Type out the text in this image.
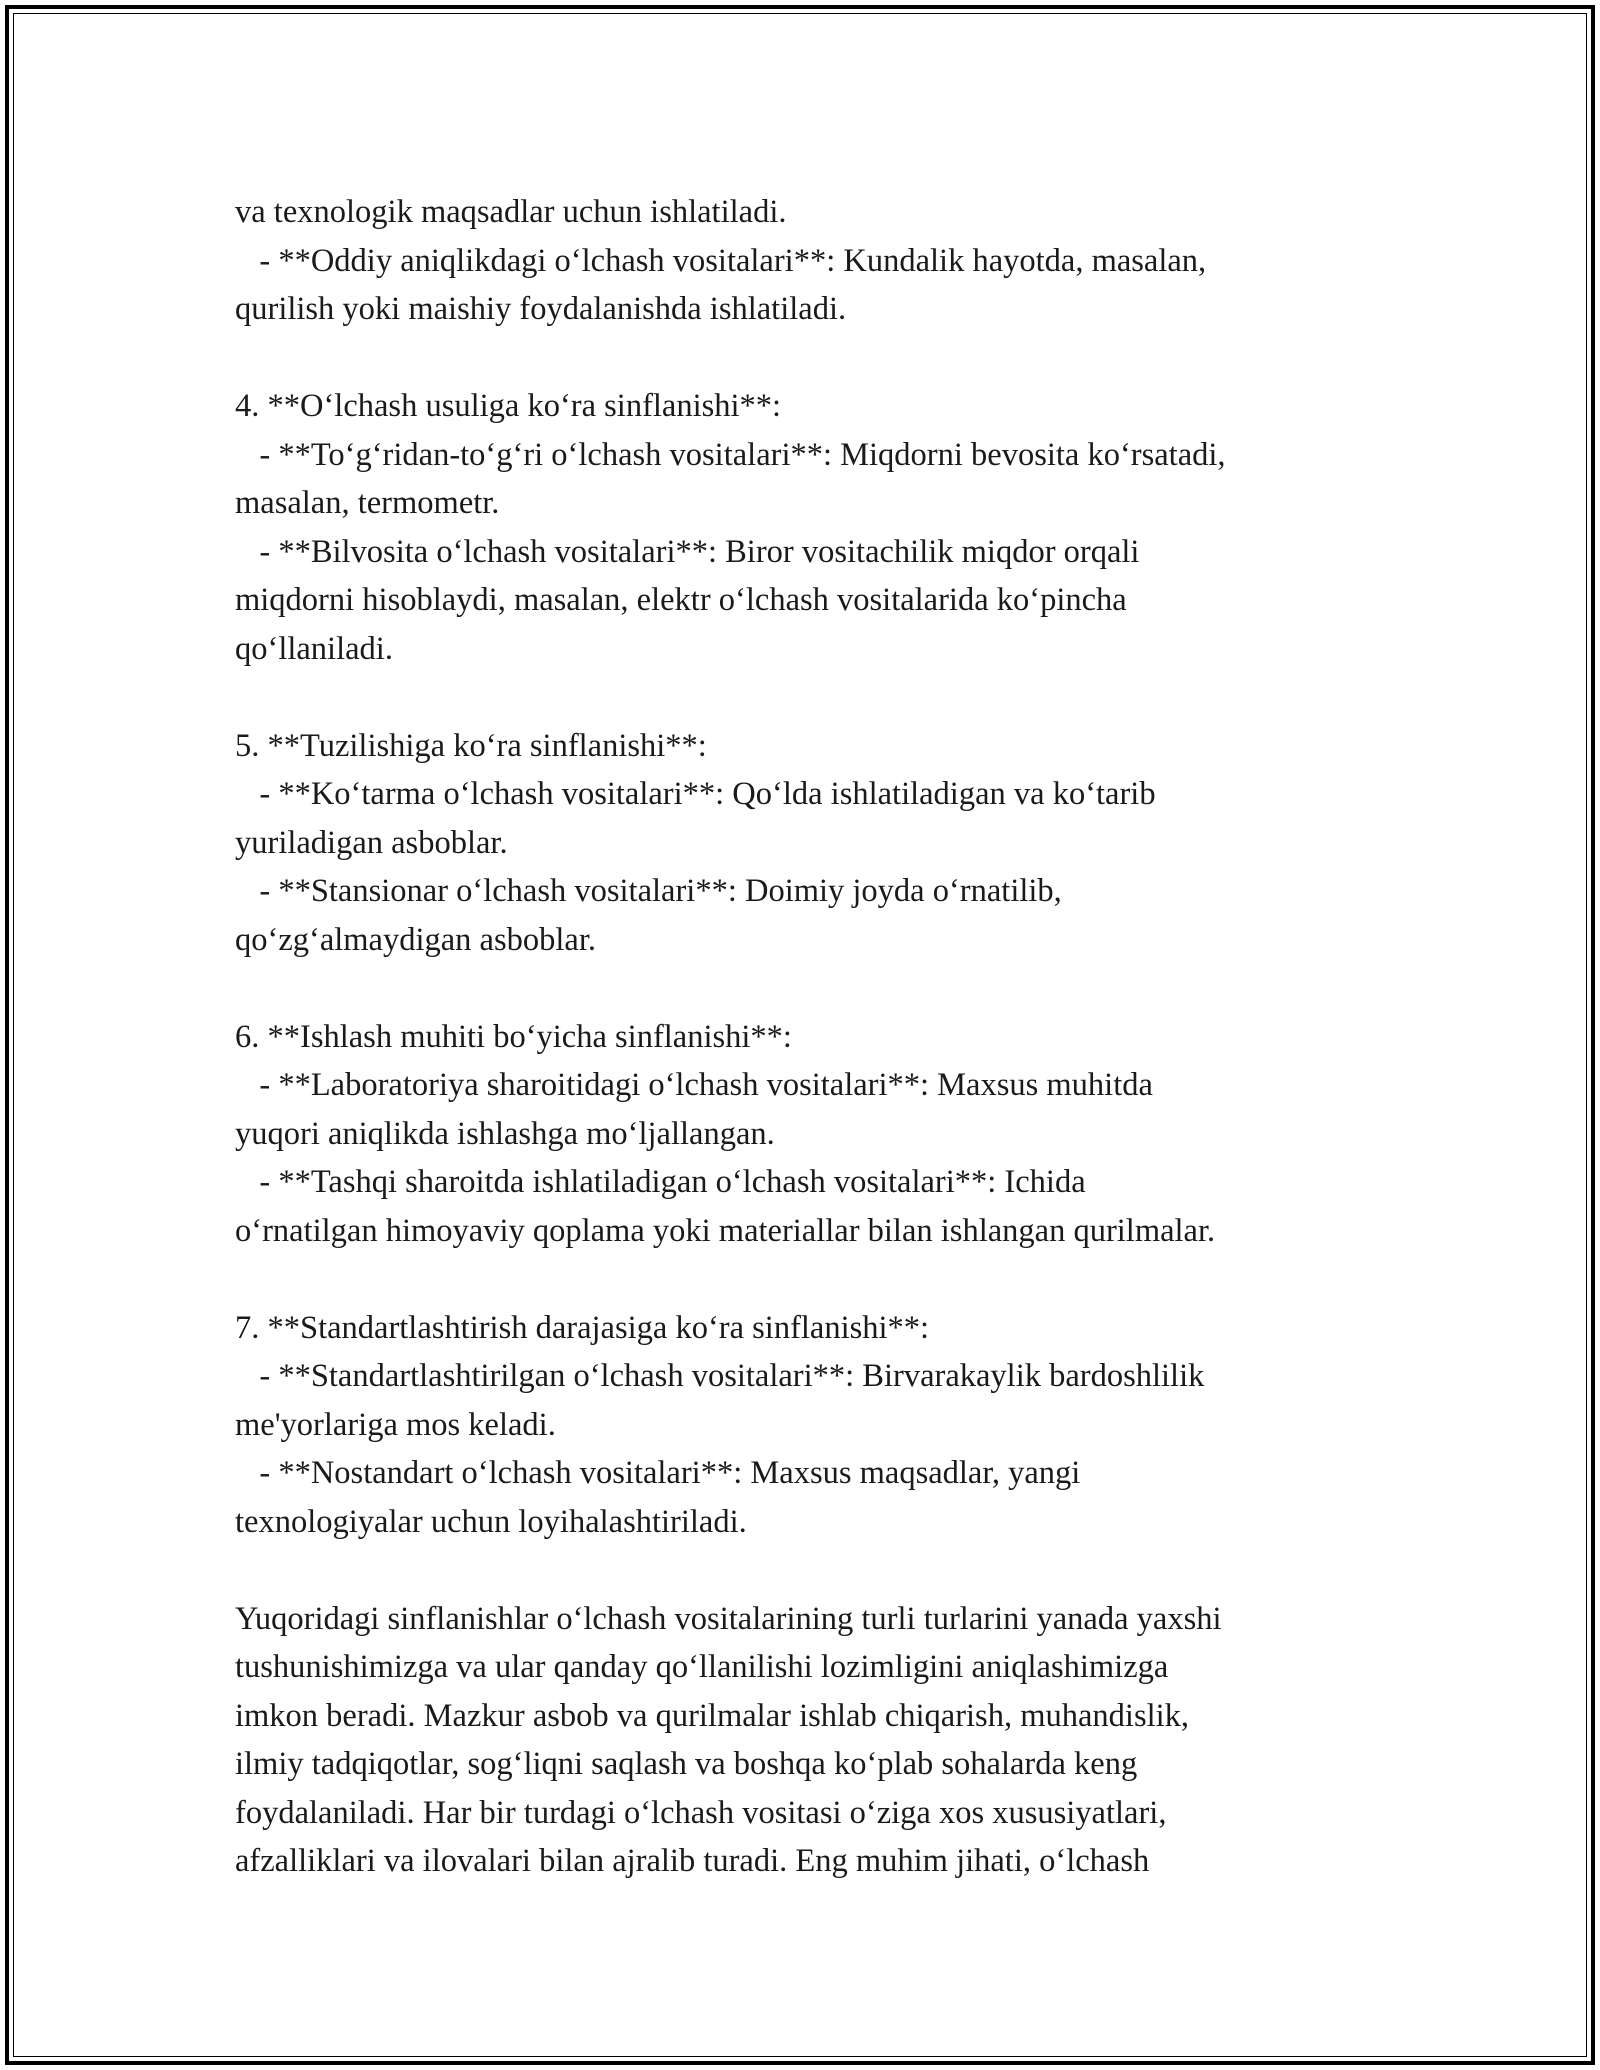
va texnologik maqsadlar uchun ishlatiladi.
- **Oddiy aniqlikdagi o‘lchash vositalari**: Kundalik hayotda, masalan,
qurilish yoki maishiy foydalanishda ishlatiladi.
4. **O‘lchash usuliga ko‘ra sinflanishi**:
- **To‘g‘ridan-to‘g‘ri o‘lchash vositalari**: Miqdorni bevosita ko‘rsatadi,
masalan, termometr.
- **Bilvosita o‘lchash vositalari**: Biror vositachilik miqdor orqali
miqdorni hisoblaydi, masalan, elektr o‘lchash vositalarida ko‘pincha
qo‘llaniladi.
5. **Tuzilishiga ko‘ra sinflanishi**:
- **Ko‘tarma o‘lchash vositalari**: Qo‘lda ishlatiladigan va ko‘tarib
yuriladigan asboblar.
- **Stansionar o‘lchash vositalari**: Doimiy joyda o‘rnatilib,
qo‘zg‘almaydigan asboblar.
6. **Ishlash muhiti bo‘yicha sinflanishi**:
- **Laboratoriya sharoitidagi o‘lchash vositalari**: Maxsus muhitda
yuqori aniqlikda ishlashga mo‘ljallangan.
- **Tashqi sharoitda ishlatiladigan o‘lchash vositalari**: Ichida
o‘rnatilgan himoyaviy qoplama yoki materiallar bilan ishlangan qurilmalar.
7. **Standartlashtirish darajasiga ko‘ra sinflanishi**:
- **Standartlashtirilgan o‘lchash vositalari**: Birvarakaylik bardoshlilik
me'yorlariga mos keladi.
- **Nostandart o‘lchash vositalari**: Maxsus maqsadlar, yangi
texnologiyalar uchun loyihalashtiriladi.
Yuqoridagi sinflanishlar o‘lchash vositalarining turli turlarini yanada yaxshi
tushunishimizga va ular qanday qo‘llanilishi lozimligini aniqlashimizga
imkon beradi. Mazkur asbob va qurilmalar ishlab chiqarish, muhandislik,
ilmiy tadqiqotlar, sog‘liqni saqlash va boshqa ko‘plab sohalarda keng
foydalaniladi. Har bir turdagi o‘lchash vositasi o‘ziga xos xususiyatlari,
afzalliklari va ilovalari bilan ajralib turadi. Eng muhim jihati, o‘lchash
